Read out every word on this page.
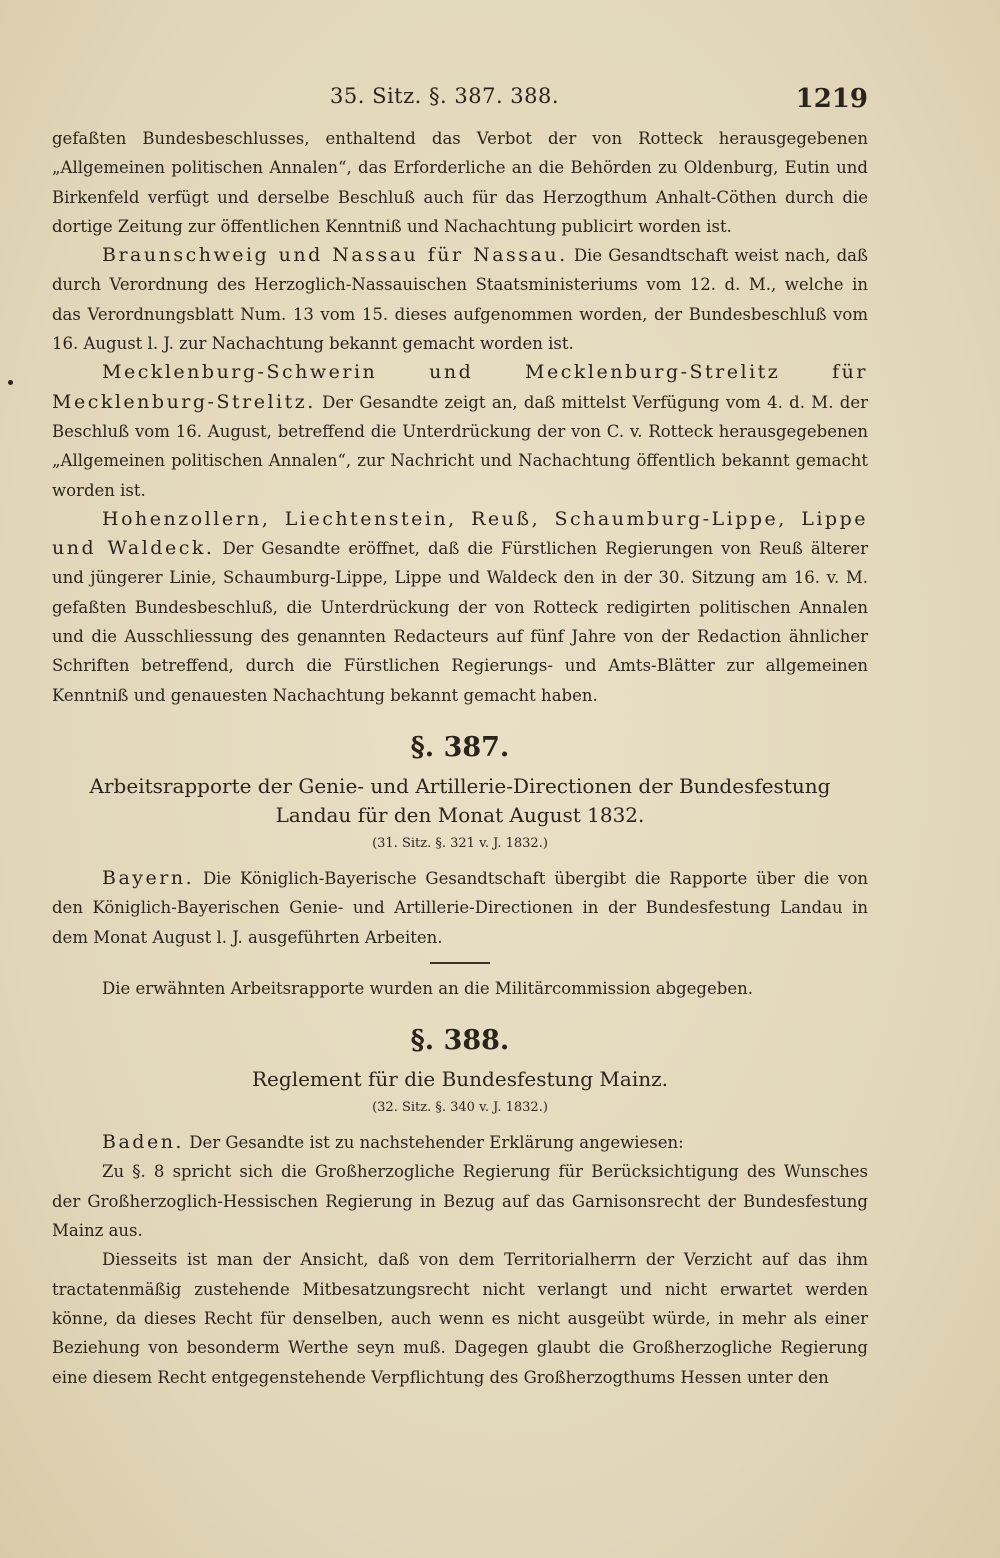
35. Sitz. §. 387. 388.	1219

gefaßten Bundesbeschlusses, enthaltend das Verbot der von Rotteck herausgegebenen „Allgemeinen politischen Annalen“, das Erforderliche an die Behörden zu Oldenburg, Eutin und Birkenfeld verfügt und derselbe Beschluß auch für das Herzogthum Anhalt-Cöthen durch die dortige Zeitung zur öffentlichen Kenntniß und Nachachtung publicirt worden ist.

Braunschweig und Nassau für Nassau. Die Gesandtschaft weist nach, daß durch Verordnung des Herzoglich-Nassauischen Staatsministeriums vom 12. d. M., welche in das Verordnungsblatt Num. 13 vom 15. dieses aufgenommen worden, der Bundesbeschluß vom 16. August l. J. zur Nachachtung bekannt gemacht worden ist.

Mecklenburg-Schwerin und Mecklenburg-Strelitz für Mecklenburg-Strelitz. Der Gesandte zeigt an, daß mittelst Verfügung vom 4. d. M. der Beschluß vom 16. August, betreffend die Unterdrückung der von C. v. Rotteck herausgegebenen „Allgemeinen politischen Annalen“, zur Nachricht und Nachachtung öffentlich bekannt gemacht worden ist.

Hohenzollern, Liechtenstein, Reuß, Schaumburg-Lippe, Lippe und Waldeck. Der Gesandte eröffnet, daß die Fürstlichen Regierungen von Reuß älterer und jüngerer Linie, Schaumburg-Lippe, Lippe und Waldeck den in der 30. Sitzung am 16. v. M. gefaßten Bundesbeschluß, die Unterdrückung der von Rotteck redigirten politischen Annalen und die Ausschliessung des genannten Redacteurs auf fünf Jahre von der Redaction ähnlicher Schriften betreffend, durch die Fürstlichen Regierungs- und Amts-Blätter zur allgemeinen Kenntniß und genauesten Nachachtung bekannt gemacht haben.

§. 387.
Arbeitsrapporte der Genie- und Artillerie-Directionen der Bundesfestung Landau für den Monat August 1832.
(31. Sitz. §. 321 v. J. 1832.)

Bayern. Die Königlich-Bayerische Gesandtschaft übergibt die Rapporte über die von den Königlich-Bayerischen Genie- und Artillerie-Directionen in der Bundesfestung Landau in dem Monat August l. J. ausgeführten Arbeiten.

Die erwähnten Arbeitsrapporte wurden an die Militärcommission abgegeben.

§. 388.
Reglement für die Bundesfestung Mainz.
(32. Sitz. §. 340 v. J. 1832.)

Baden. Der Gesandte ist zu nachstehender Erklärung angewiesen:

Zu §. 8 spricht sich die Großherzogliche Regierung für Berücksichtigung des Wunsches der Großherzoglich-Hessischen Regierung in Bezug auf das Garnisonsrecht der Bundesfestung Mainz aus.

Diesseits ist man der Ansicht, daß von dem Territorialherrn der Verzicht auf das ihm tractatenmäßig zustehende Mitbesatzungsrecht nicht verlangt und nicht erwartet werden könne, da dieses Recht für denselben, auch wenn es nicht ausgeübt würde, in mehr als einer Beziehung von besonderm Werthe seyn muß. Dagegen glaubt die Großherzogliche Regierung eine diesem Recht entgegenstehende Verpflichtung des Großherzogthums Hessen unter den
